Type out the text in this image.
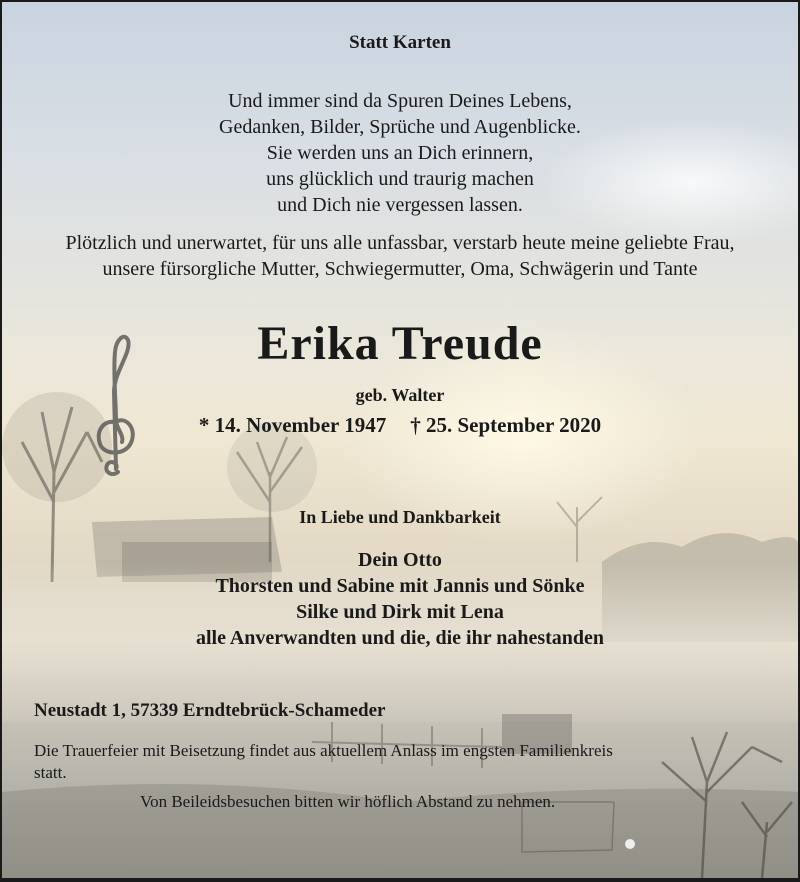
Statt Karten

Und immer sind da Spuren Deines Lebens,
Gedanken, Bilder, Sprüche und Augenblicke.
Sie werden uns an Dich erinnern,
uns glücklich und traurig machen
und Dich nie vergessen lassen.
Plötzlich und unerwartet, für uns alle unfassbar, verstarb heute meine geliebte Frau,
unsere fürsorgliche Mutter, Schwiegermutter, Oma, Schwägerin und Tante

Erika Treude

geb. Walter

* 14. November 1947 † 25. September 2020

In Liebe und Dankbarkeit

Dein Otto
Thorsten und Sabine mit Jannis und Sönke
Silke und Dirk mit Lena
alle Anverwandten und die, die ihr nahestanden

Neustadt 1, 57339 Erndtebrück-Schameder

Die Trauerfeier mit Beisetzung findet aus aktuellem Anlass im engsten Familienkreis
statt.

Von Beileidsbesuchen bitten wir höflich Abstand zu nehmen.
